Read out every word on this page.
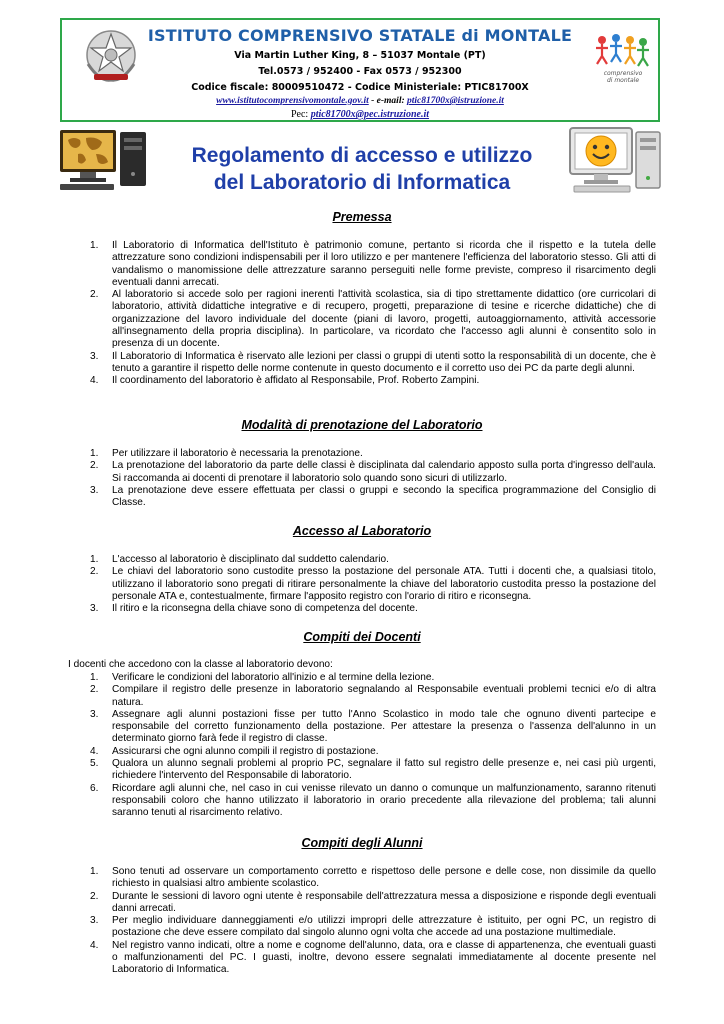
ISTITUTO COMPRENSIVO STATALE di MONTALE
Via Martin Luther King, 8 – 51037 Montale (PT)
Tel.0573 / 952400 - Fax 0573 / 952300
Codice fiscale: 80009510472 - Codice Ministeriale: PTIC81700X
www.istitutocomprensivomontale.gov.it - e-mail: ptic81700x@istruzione.it
Pec: ptic81700x@pec.istruzione.it
comprensivo
di montale
Regolamento di accesso e utilizzo
del Laboratorio di Informatica
Premessa
1. Il Laboratorio di Informatica dell'Istituto è patrimonio comune, pertanto si ricorda che il rispetto e la tutela delle attrezzature sono condizioni indispensabili per il loro utilizzo e per mantenere l'efficienza del laboratorio stesso. Gli atti di vandalismo o manomissione delle attrezzature saranno perseguiti nelle forme previste, compreso il risarcimento degli eventuali danni arrecati.
2. Al laboratorio si accede solo per ragioni inerenti l'attività scolastica, sia di tipo strettamente didattico (ore curricolari di laboratorio, attività didattiche integrative e di recupero, progetti, preparazione di tesine e ricerche didattiche) che di organizzazione del lavoro individuale del docente (piani di lavoro, progetti, autoaggiornamento, attività accessorie all'insegnamento della propria disciplina). In particolare, va ricordato che l'accesso agli alunni è consentito solo in presenza di un docente.
3. Il Laboratorio di Informatica è riservato alle lezioni per classi o gruppi di utenti sotto la responsabilità di un docente, che è tenuto a garantire il rispetto delle norme contenute in questo documento e il corretto uso dei PC da parte degli alunni.
4. Il coordinamento del laboratorio è affidato al Responsabile, Prof. Roberto Zampini.
Modalità di prenotazione del Laboratorio
1. Per utilizzare il laboratorio è necessaria la prenotazione.
2. La prenotazione del laboratorio da parte delle classi è disciplinata dal calendario apposto sulla porta d'ingresso dell'aula. Si raccomanda ai docenti di prenotare il laboratorio solo quando sono sicuri di utilizzarlo.
3. La prenotazione deve essere effettuata per classi o gruppi e secondo la specifica programmazione del Consiglio di Classe.
Accesso al Laboratorio
1. L'accesso al laboratorio è disciplinato dal suddetto calendario.
2. Le chiavi del laboratorio sono custodite presso la postazione del personale ATA. Tutti i docenti che, a qualsiasi titolo, utilizzano il laboratorio sono pregati di ritirare personalmente la chiave del laboratorio custodita presso la postazione del personale ATA e, contestualmente, firmare l'apposito registro con l'orario di ritiro e riconsegna.
3. Il ritiro e la riconsegna della chiave sono di competenza del docente.
Compiti dei Docenti
I docenti che accedono con la classe al laboratorio devono:
1. Verificare le condizioni del laboratorio all'inizio e al termine della lezione.
2. Compilare il registro delle presenze in laboratorio segnalando al Responsabile eventuali problemi tecnici e/o di altra natura.
3. Assegnare agli alunni postazioni fisse per tutto l'Anno Scolastico in modo tale che ognuno diventi partecipe e responsabile del corretto funzionamento della postazione. Per attestare la presenza o l'assenza dell'alunno in un determinato giorno farà fede il registro di classe.
4. Assicurarsi che ogni alunno compili il registro di postazione.
5. Qualora un alunno segnali problemi al proprio PC, segnalare il fatto sul registro delle presenze e, nei casi più urgenti, richiedere l'intervento del Responsabile di laboratorio.
6. Ricordare agli alunni che, nel caso in cui venisse rilevato un danno o comunque un malfunzionamento, saranno ritenuti responsabili coloro che hanno utilizzato il laboratorio in orario precedente alla rilevazione del problema; tali alunni saranno tenuti al risarcimento relativo.
Compiti degli Alunni
1. Sono tenuti ad osservare un comportamento corretto e rispettoso delle persone e delle cose, non dissimile da quello richiesto in qualsiasi altro ambiente scolastico.
2. Durante le sessioni di lavoro ogni utente è responsabile dell'attrezzatura messa a disposizione e risponde degli eventuali danni arrecati.
3. Per meglio individuare danneggiamenti e/o utilizzi impropri delle attrezzature è istituito, per ogni PC, un registro di postazione che deve essere compilato dal singolo alunno ogni volta che accede ad una postazione multimediale.
4. Nel registro vanno indicati, oltre a nome e cognome dell'alunno, data, ora e classe di appartenenza, che eventuali guasti o malfunzionamenti del PC. I guasti, inoltre, devono essere segnalati immediatamente al docente presente nel Laboratorio di Informatica.
